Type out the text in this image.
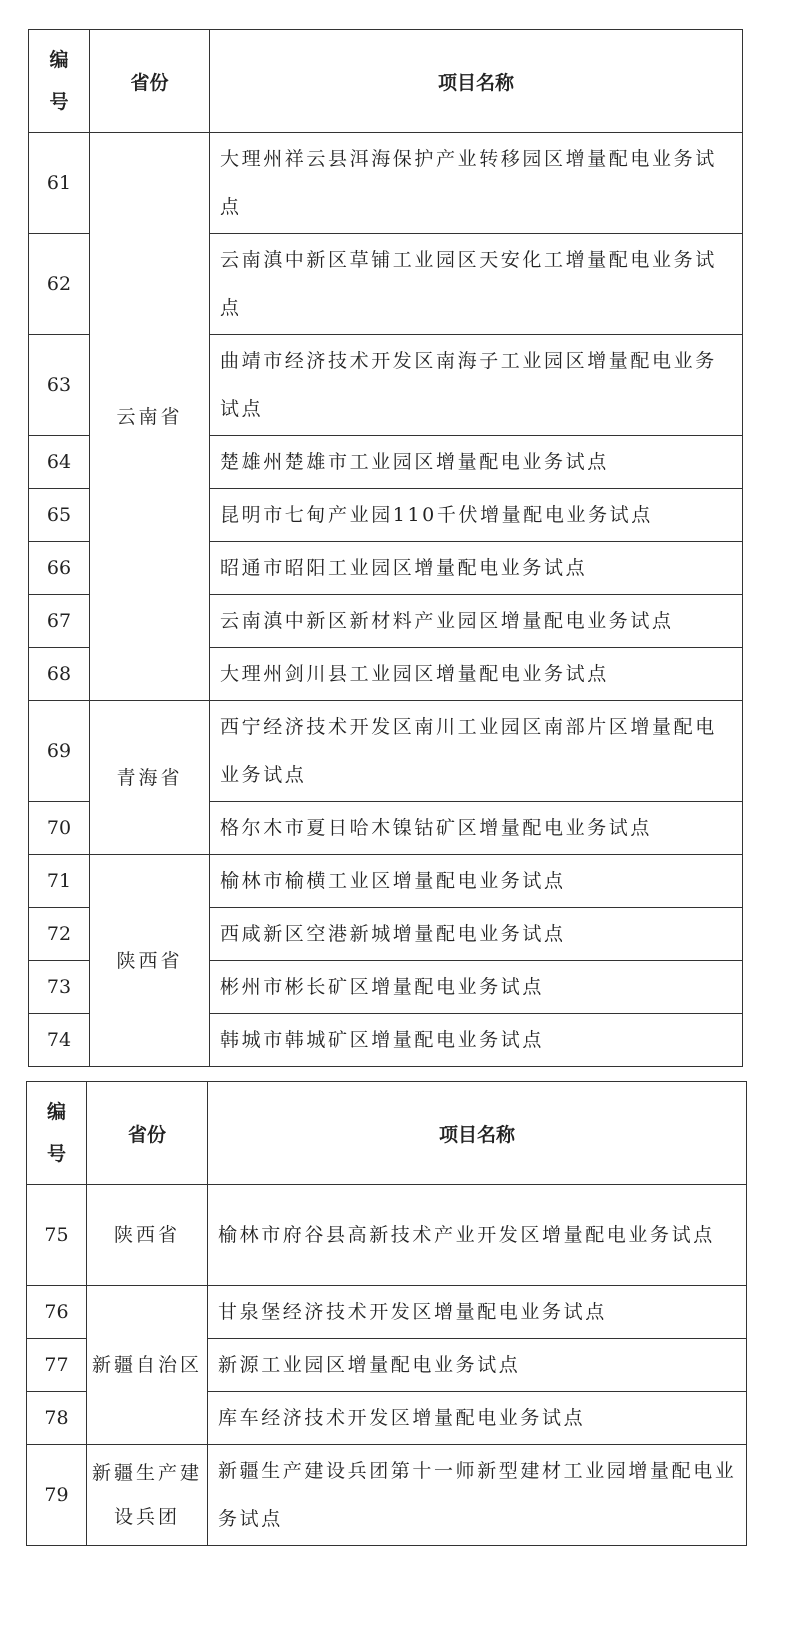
编
号	省份	项目名称
61	云南省	大理州祥云县洱海保护产业转移园区增量配电业务试点
62		云南滇中新区草铺工业园区天安化工增量配电业务试点
63		曲靖市经济技术开发区南海子工业园区增量配电业务试点
64		楚雄州楚雄市工业园区增量配电业务试点
65		昆明市七甸产业园110千伏增量配电业务试点
66		昭通市昭阳工业园区增量配电业务试点
67		云南滇中新区新材料产业园区增量配电业务试点
68		大理州剑川县工业园区增量配电业务试点
69	青海省	西宁经济技术开发区南川工业园区南部片区增量配电业务试点
70		格尔木市夏日哈木镍钴矿区增量配电业务试点
71	陕西省	榆林市榆横工业区增量配电业务试点
72		西咸新区空港新城增量配电业务试点
73		彬州市彬长矿区增量配电业务试点
74		韩城市韩城矿区增量配电业务试点
编
号	省份	项目名称
75	陕西省	榆林市府谷县高新技术产业开发区增量配电业务试点
76	新疆自治区	甘泉堡经济技术开发区增量配电业务试点
77		新源工业园区增量配电业务试点
78		库车经济技术开发区增量配电业务试点
79	新疆生产建设兵团	新疆生产建设兵团第十一师新型建材工业园增量配电业务试点
